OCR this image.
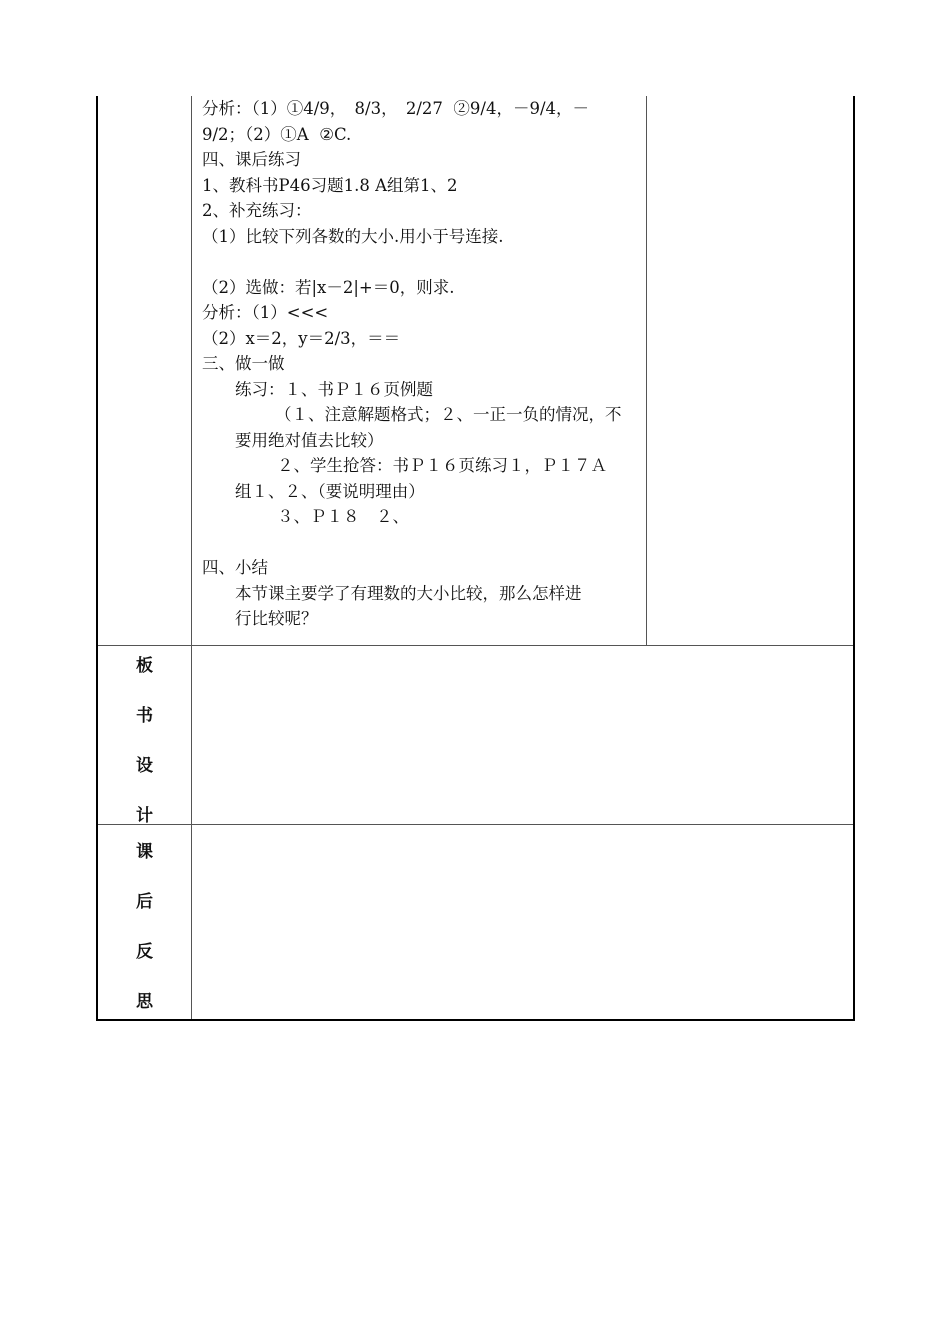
分析：（1）①4/9，　8/3，　2/27  ②9/4，－9/4，－

9/2；（2）①A  ②C.

四、课后练习

1、教科书P46习题1.8 A组第1、2

2、补充练习：

（1）比较下列各数的大小.用小于号连接.

（2）选做：若|x－2|+＝0，则求.

分析：（1）<<<

（2）x＝2，y＝2/3，＝＝

三、做一做

练习：１、书Ｐ１６页例题

（１、注意解题格式；２、一正一负的情况，不

要用绝对值去比较）

２、学生抢答：书Ｐ１６页练习１，Ｐ１７Ａ

组１、２、（要说明理由）

３、Ｐ１８　２、

四、小结

本节课主要学了有理数的大小比较，那么怎样进

行比较呢？

板
书
设
计
课
后
反
思
